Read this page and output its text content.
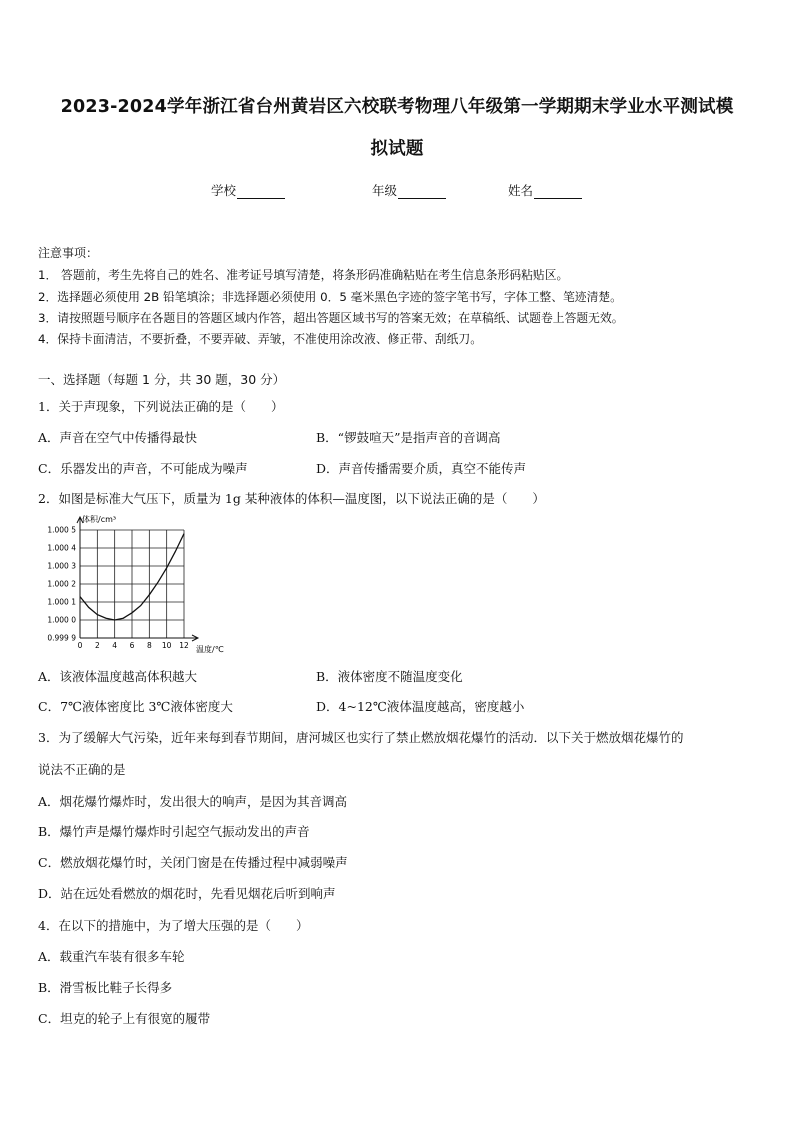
2023-2024学年浙江省台州黄岩区六校联考物理八年级第一学期期末学业水平测试模
拟试题
学校	年级	姓名
注意事项：
1． 答题前，考生先将自己的姓名、准考证号填写清楚，将条形码准确粘贴在考生信息条形码粘贴区。
2．选择题必须使用 2B 铅笔填涂；非选择题必须使用 0．5 毫米黑色字迹的签字笔书写，字体工整、笔迹清楚。
3．请按照题号顺序在各题目的答题区域内作答，超出答题区域书写的答案无效；在草稿纸、试题卷上答题无效。
4．保持卡面清洁，不要折叠，不要弄破、弄皱，不准使用涂改液、修正带、刮纸刀。
一、选择题（每题 1 分，共 30 题，30 分）
1．关于声现象，下列说法正确的是（　　）
A．声音在空气中传播得最快	B．“锣鼓喧天”是指声音的音调高
C．乐器发出的声音，不可能成为噪声	D．声音传播需要介质，真空不能传声
2．如图是标准大气压下，质量为 1g 某种液体的体积—温度图，以下说法正确的是（　　）
0.999 9
1.000 0
1.000 1
1.000 2
1.000 3
1.000 4
1.000 5
0 2 4 6 8 10 12
体积/cm³
温度/℃
A．该液体温度越高体积越大	B．液体密度不随温度变化
C．7℃液体密度比 3℃液体密度大	D．4~12℃液体温度越高，密度越小
3．为了缓解大气污染，近年来每到春节期间，唐河城区也实行了禁止燃放烟花爆竹的活动．以下关于燃放烟花爆竹的
说法不正确的是
A．烟花爆竹爆炸时，发出很大的响声，是因为其音调高
B．爆竹声是爆竹爆炸时引起空气振动发出的声音
C．燃放烟花爆竹时，关闭门窗是在传播过程中减弱噪声
D．站在远处看燃放的烟花时，先看见烟花后听到响声
4．在以下的措施中，为了增大压强的是（　　）
A．载重汽车装有很多车轮
B．滑雪板比鞋子长得多
C．坦克的轮子上有很宽的履带
